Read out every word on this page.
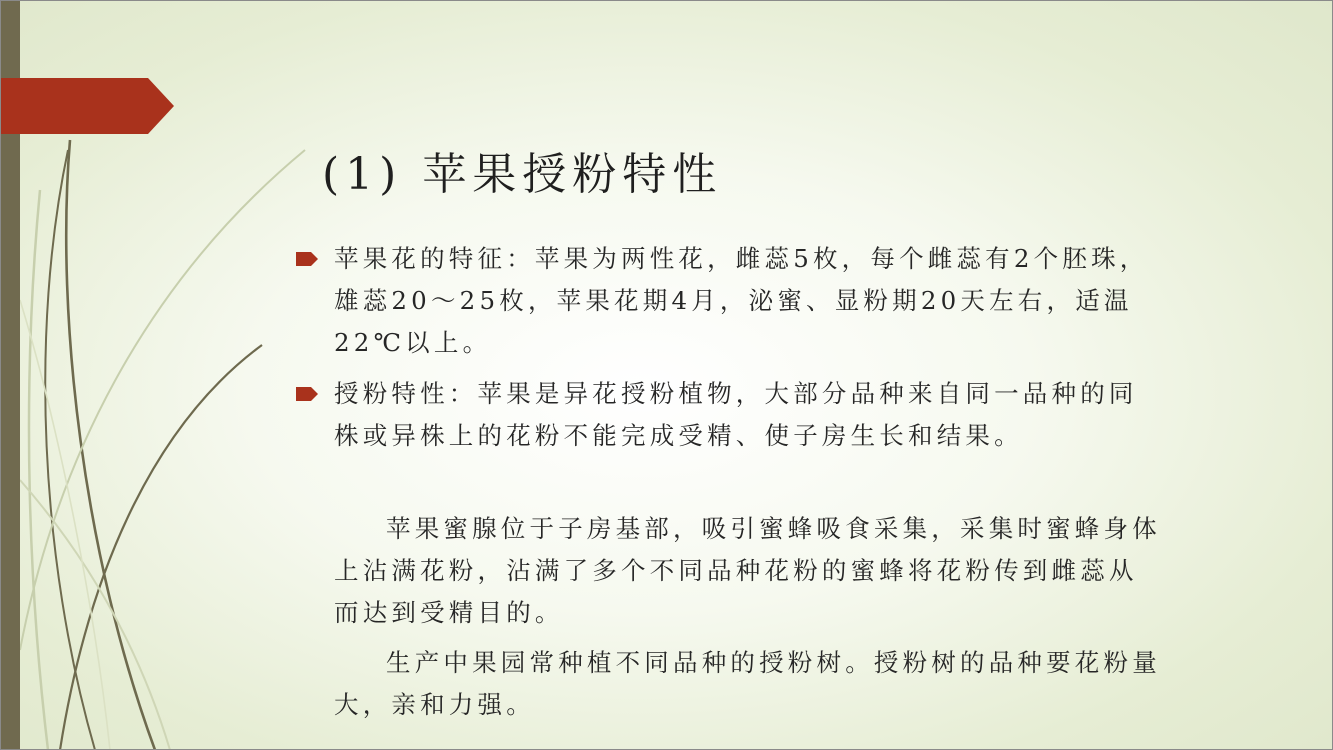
(1) 苹果授粉特性
苹果花的特征：苹果为两性花，雌蕊5枚，每个雌蕊有2个胚珠，雄蕊20～25枚，苹果花期4月，泌蜜、显粉期20天左右，适温22℃以上。
授粉特性：苹果是异花授粉植物，大部分品种来自同一品种的同株或异株上的花粉不能完成受精、使子房生长和结果。
苹果蜜腺位于子房基部，吸引蜜蜂吸食采集，采集时蜜蜂身体上沾满花粉，沾满了多个不同品种花粉的蜜蜂将花粉传到雌蕊从而达到受精目的。
生产中果园常种植不同品种的授粉树。授粉树的品种要花粉量大，亲和力强。
